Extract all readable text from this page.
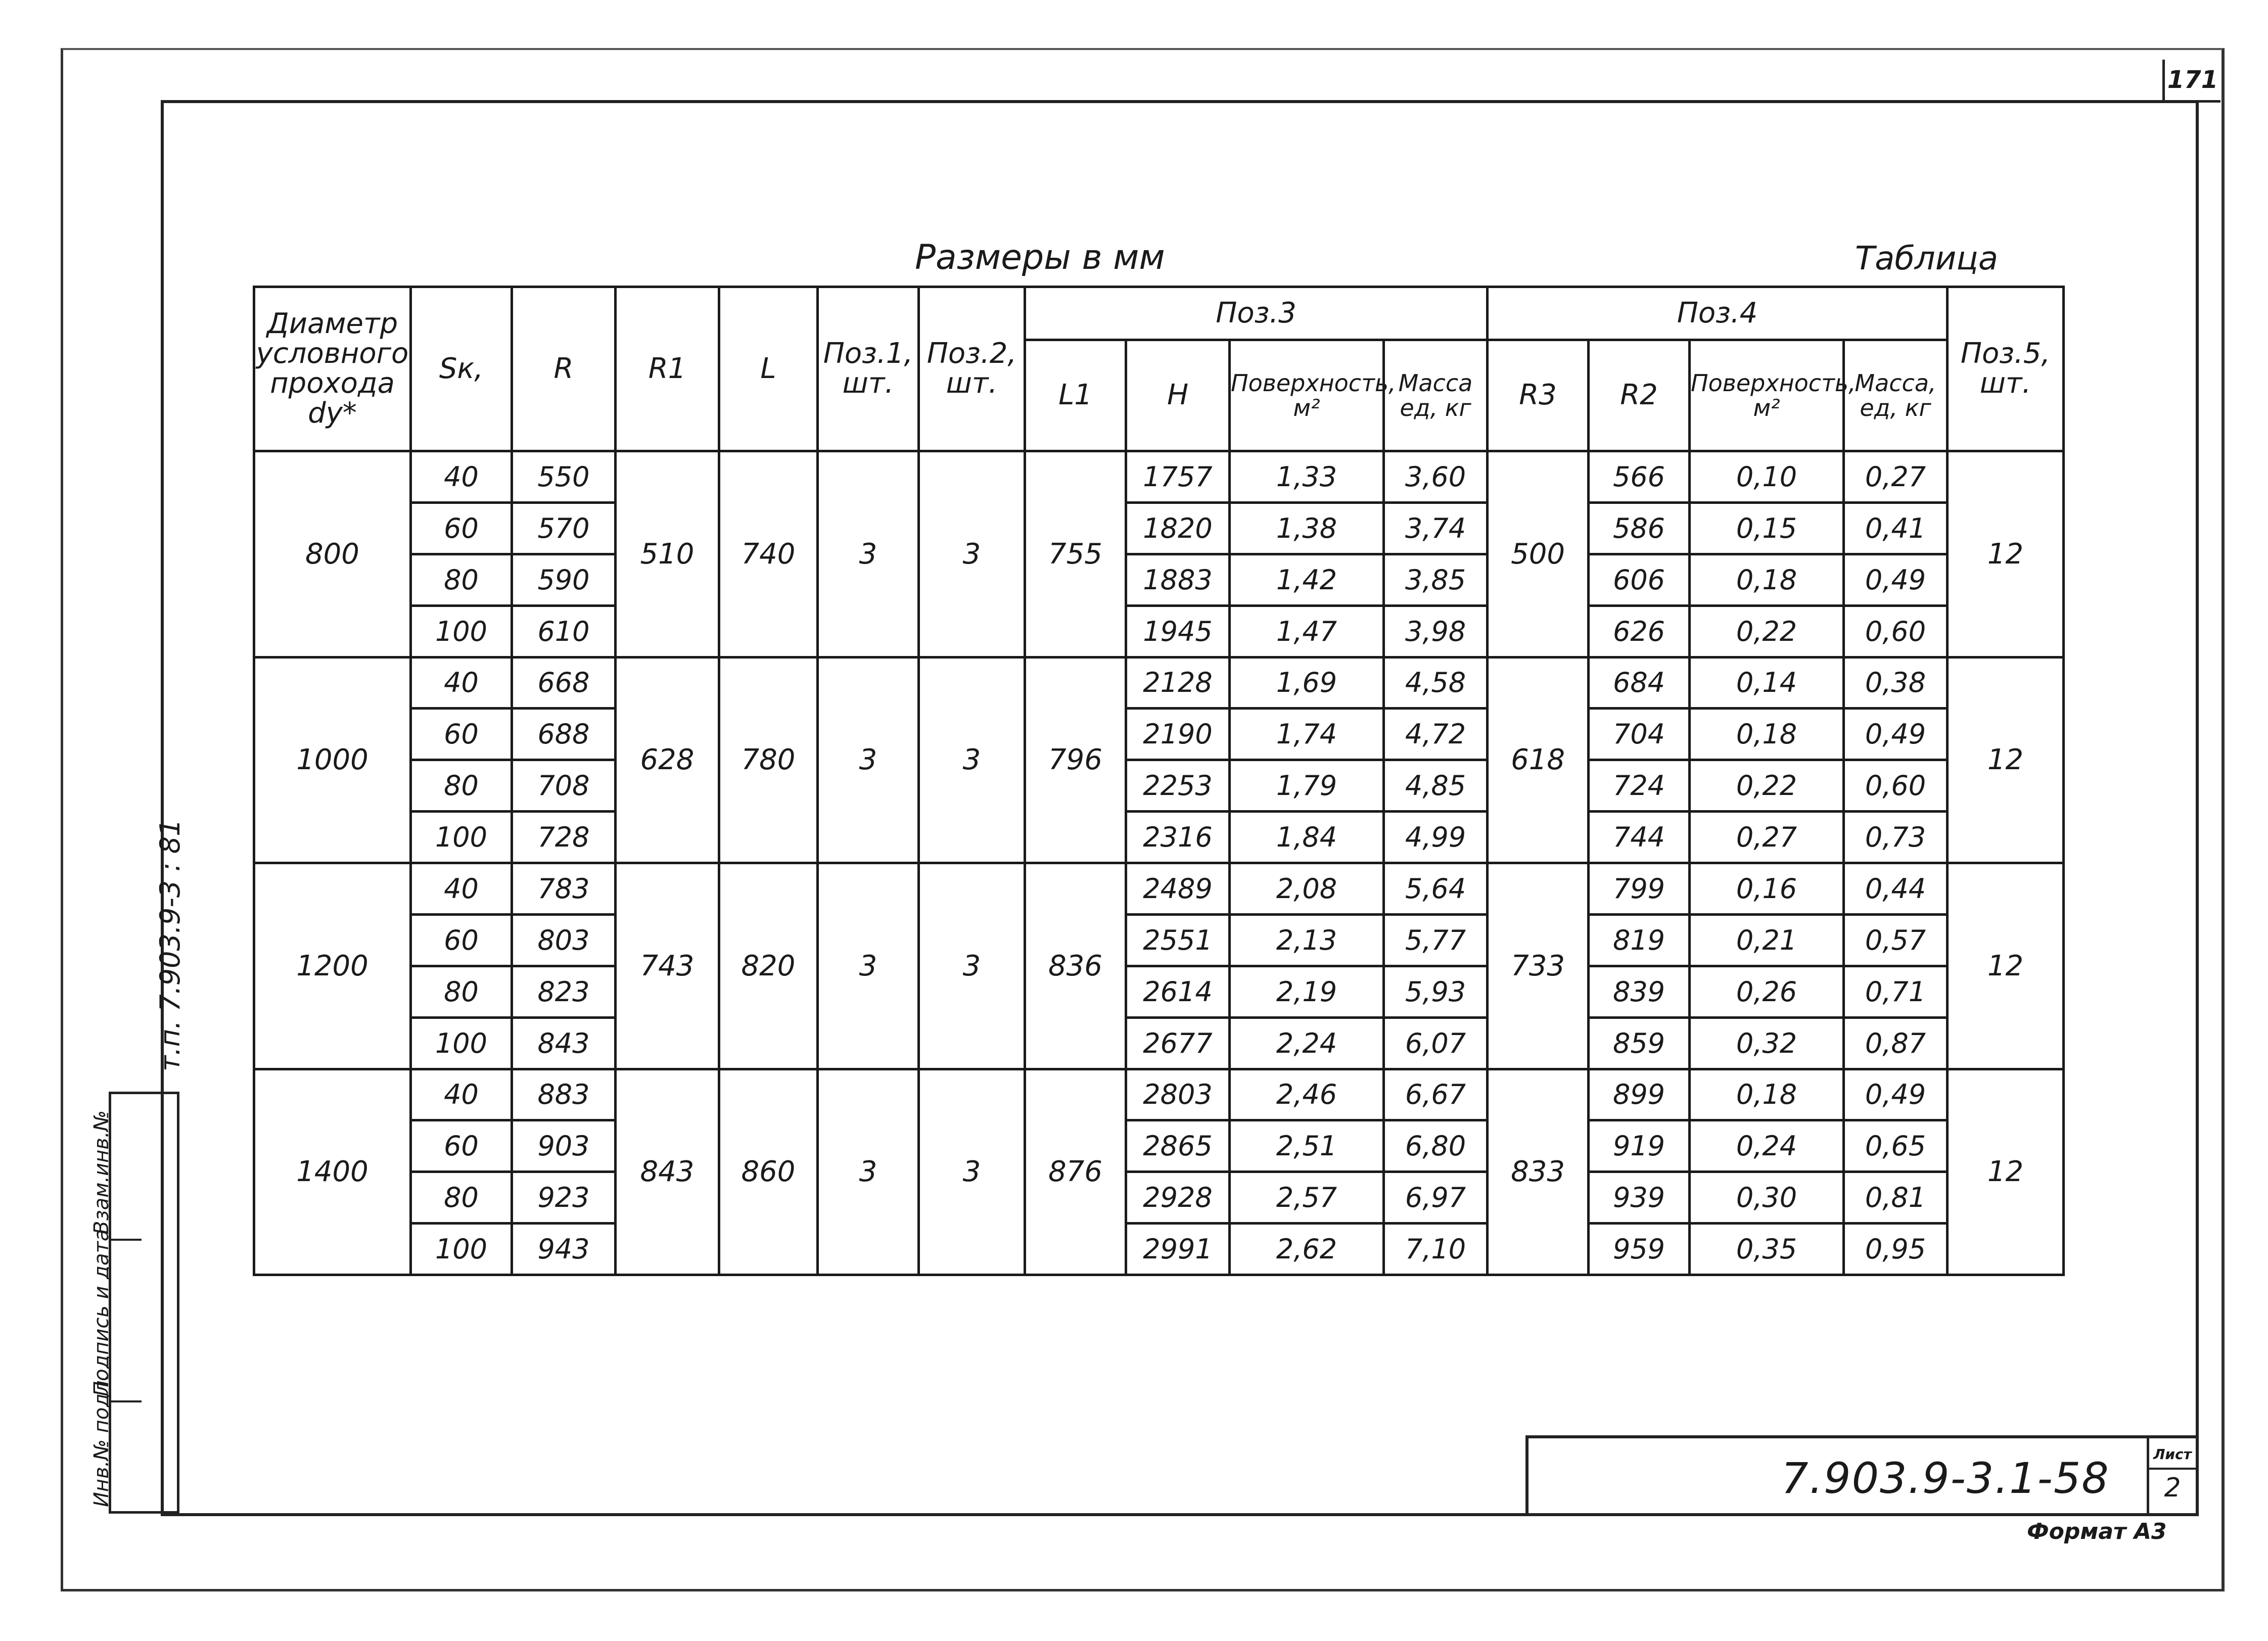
171
т.п. 7.903.9-3 : 81
Взам.инв.№
Подпись и дата
Инв.№ подл.
Размеры в мм	Таблица
Диаметр условного прохода dy*	Sк,	R	R1	L	Поз.1, шт.	Поз.2, шт.	Поз.3				Поз.4				Поз.5, шт.
							L1	H	Поверхность, м²	Масса ед, кг	R3	R2	Поверхность, м²	Масса, ед, кг	
800	40	550	510	740	3	3	755	1757	1,33	3,60	500	566	0,10	0,27	12
	60	570						1820	1,38	3,74		586	0,15	0,41	
	80	590						1883	1,42	3,85		606	0,18	0,49	
	100	610						1945	1,47	3,98		626	0,22	0,60	
1000	40	668	628	780	3	3	796	2128	1,69	4,58	618	684	0,14	0,38	12
	60	688						2190	1,74	4,72		704	0,18	0,49	
	80	708						2253	1,79	4,85		724	0,22	0,60	
	100	728						2316	1,84	4,99		744	0,27	0,73	
1200	40	783	743	820	3	3	836	2489	2,08	5,64	733	799	0,16	0,44	12
	60	803						2551	2,13	5,77		819	0,21	0,57	
	80	823						2614	2,19	5,93		839	0,26	0,71	
	100	843						2677	2,24	6,07		859	0,32	0,87	
1400	40	883	843	860	3	3	876	2803	2,46	6,67	833	899	0,18	0,49	12
	60	903						2865	2,51	6,80		919	0,24	0,65	
	80	923						2928	2,57	6,97		939	0,30	0,81	
	100	943						2991	2,62	7,10		959	0,35	0,95	
7.903.9-3.1-58	Лист
2
Формат А3
